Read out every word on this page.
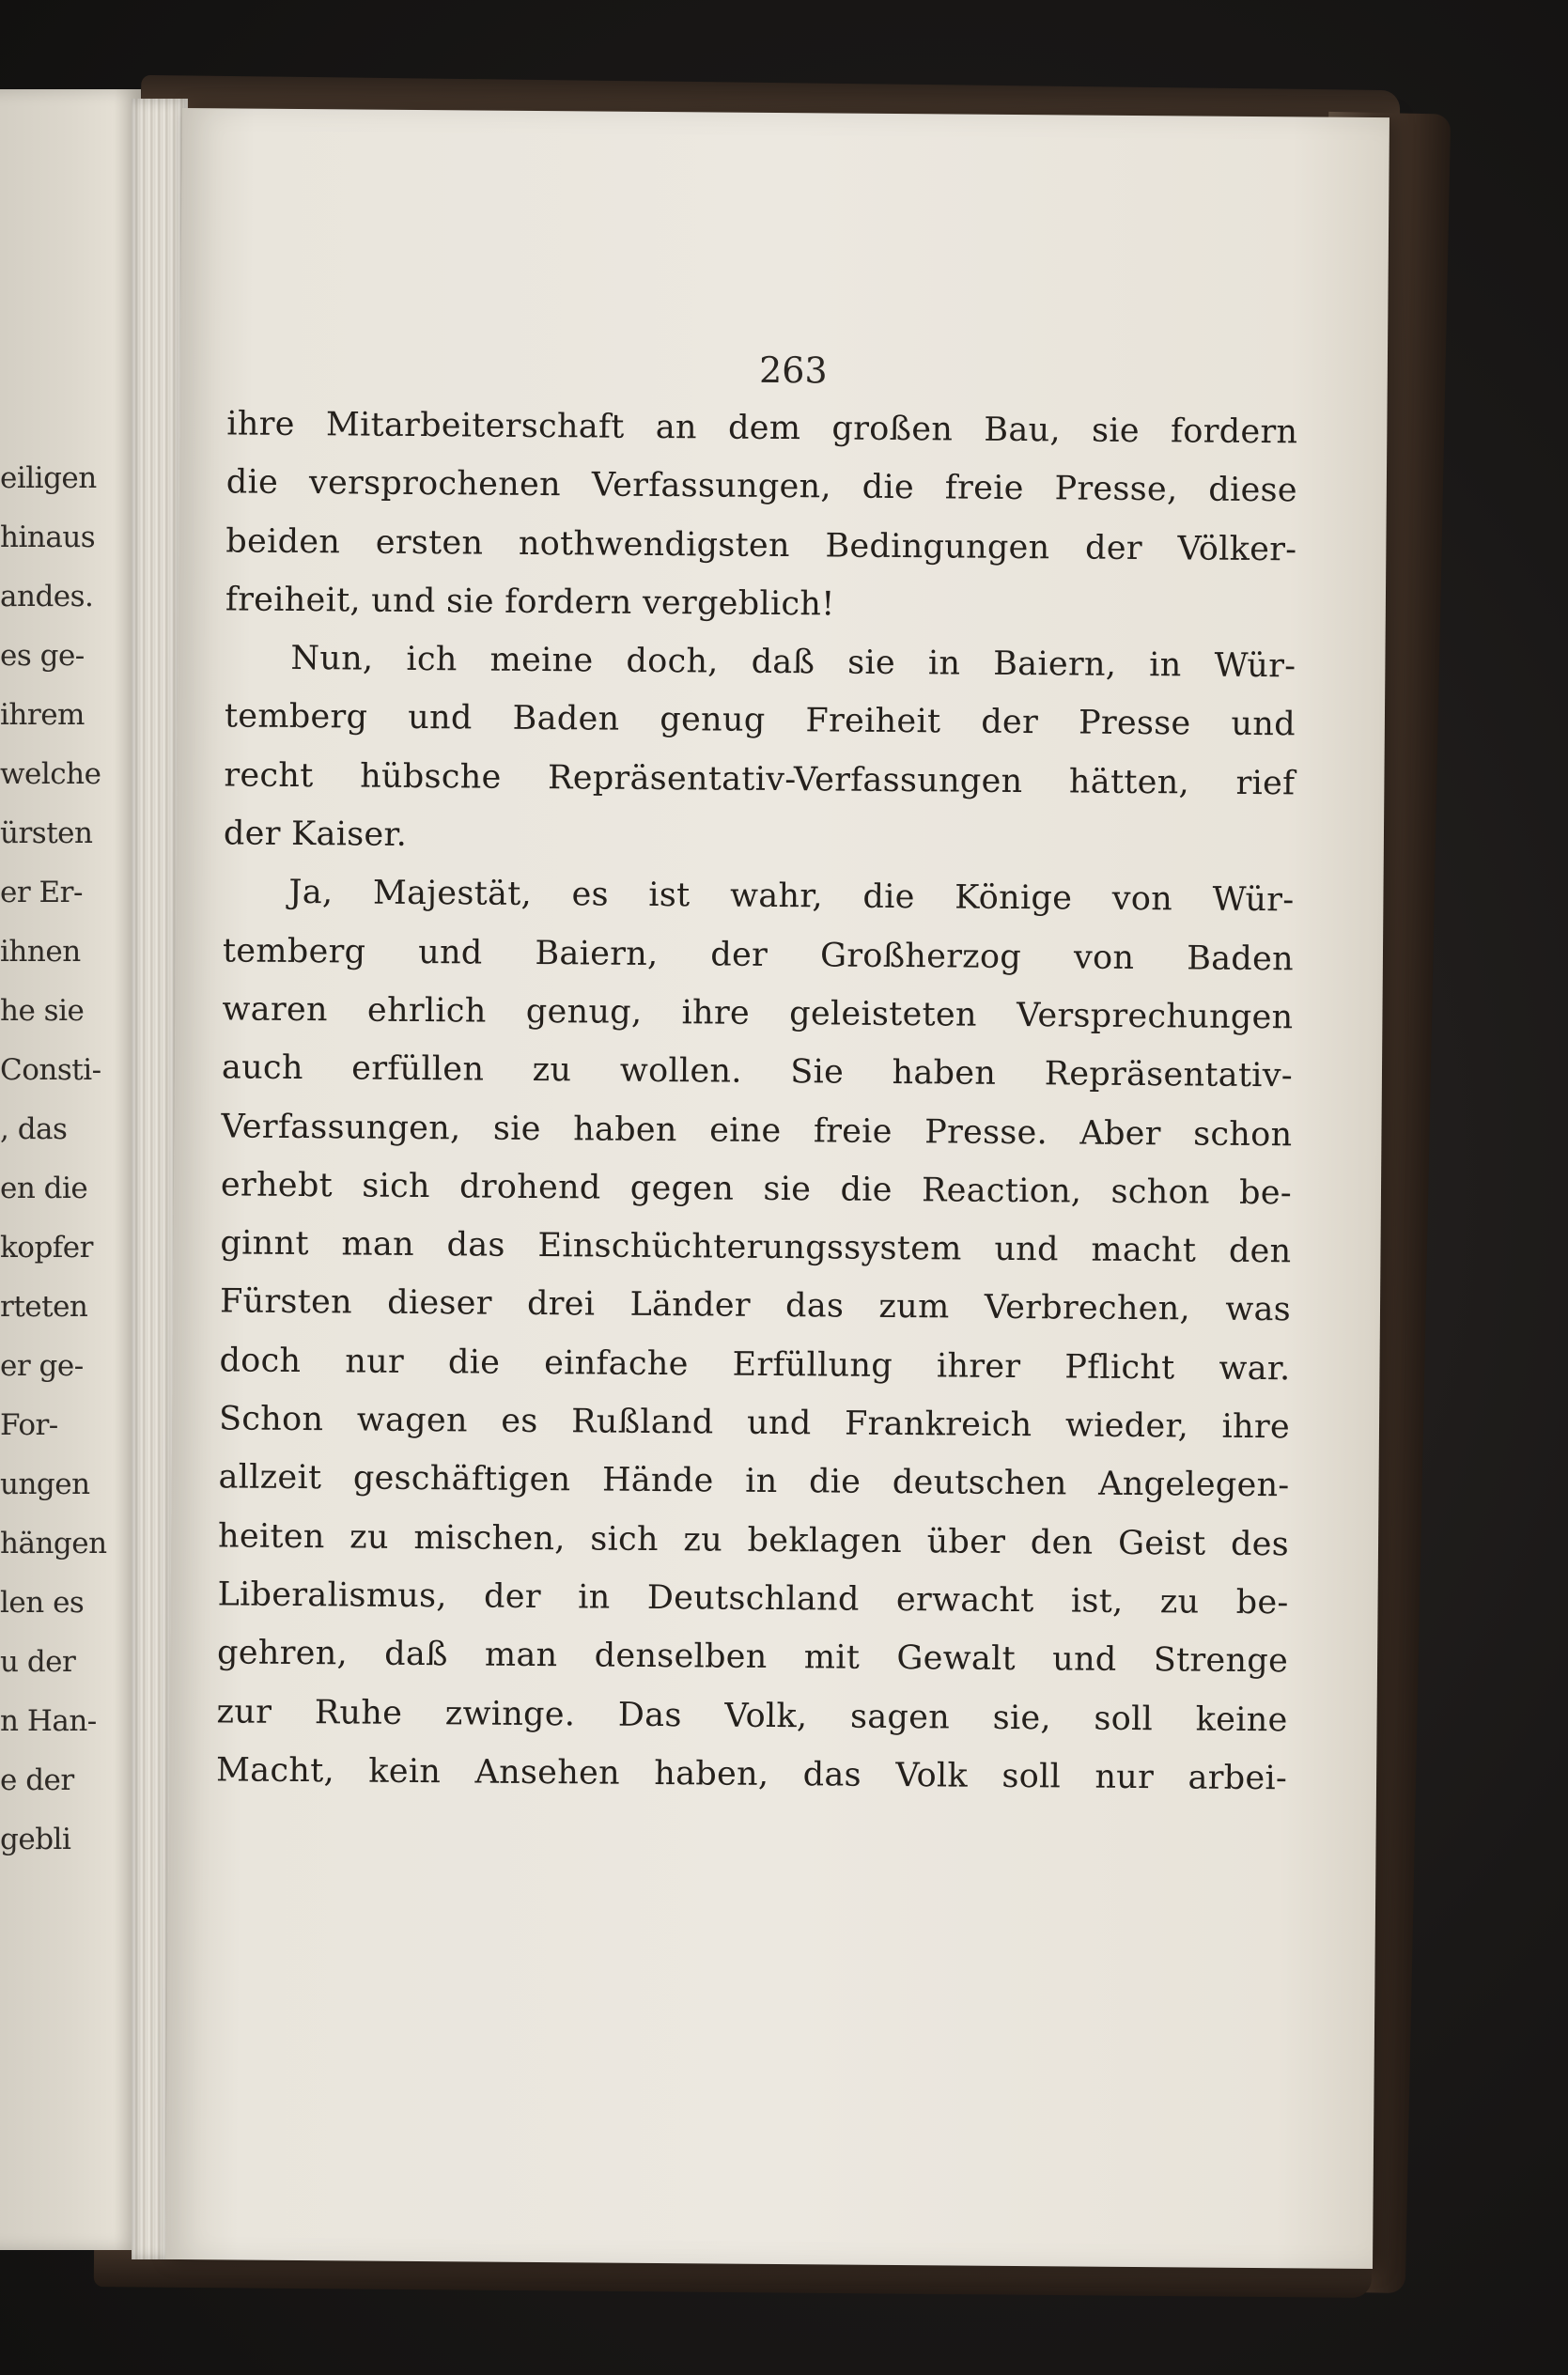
eiligen
hinaus
andes.
es ge-
ihrem
welche
ürsten
er Er-
ihnen
he sie
Consti-
, das
en die
kopfer
rteten
er ge-
For-
ungen
hängen
len es
u der
n Han-
e der
gebli
263
ihre Mitarbeiterschaft an dem großen Bau, sie fordern
die versprochenen Verfassungen, die freie Presse, diese
beiden ersten nothwendigsten Bedingungen der Völker-
freiheit, und sie fordern vergeblich!
Nun, ich meine doch, daß sie in Baiern, in Wür-
temberg und Baden genug Freiheit der Presse und
recht hübsche Repräsentativ-Verfassungen hätten, rief
der Kaiser.
Ja, Majestät, es ist wahr, die Könige von Wür-
temberg und Baiern, der Großherzog von Baden
waren ehrlich genug, ihre geleisteten Versprechungen
auch erfüllen zu wollen. Sie haben Repräsentativ-
Verfassungen, sie haben eine freie Presse. Aber schon
erhebt sich drohend gegen sie die Reaction, schon be-
ginnt man das Einschüchterungssystem und macht den
Fürsten dieser drei Länder das zum Verbrechen, was
doch nur die einfache Erfüllung ihrer Pflicht war.
Schon wagen es Rußland und Frankreich wieder, ihre
allzeit geschäftigen Hände in die deutschen Angelegen-
heiten zu mischen, sich zu beklagen über den Geist des
Liberalismus, der in Deutschland erwacht ist, zu be-
gehren, daß man denselben mit Gewalt und Strenge
zur Ruhe zwinge. Das Volk, sagen sie, soll keine
Macht, kein Ansehen haben, das Volk soll nur arbei-
